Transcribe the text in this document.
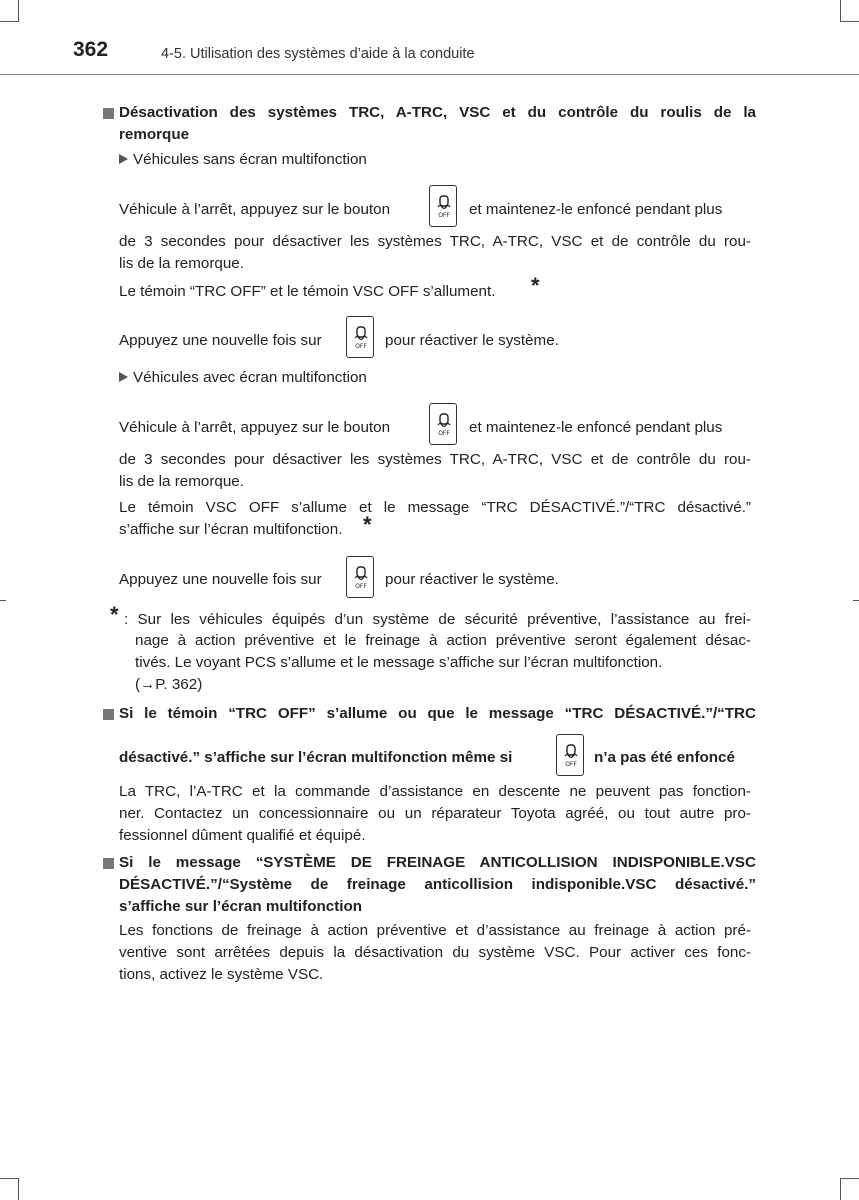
362	4-5. Utilisation des systèmes d’aide à la conduite
Désactivation des systèmes TRC, A-TRC, VSC et du contrôle du roulis de la
remorque
Véhicules sans écran multifonction
Véhicule à l’arrêt, appuyez sur le bouton	OFF et maintenez-le enfoncé pendant plus
de 3 secondes pour désactiver les systèmes TRC, A-TRC, VSC et de contrôle du rou-
lis de la remorque.
Le témoin “TRC OFF” et le témoin VSC OFF s’allument. *
Appuyez une nouvelle fois sur	OFF pour réactiver le système.
Véhicules avec écran multifonction
Véhicule à l’arrêt, appuyez sur le bouton	OFF et maintenez-le enfoncé pendant plus
de 3 secondes pour désactiver les systèmes TRC, A-TRC, VSC et de contrôle du rou-
lis de la remorque.
Le témoin VSC OFF s’allume et le message “TRC DÉSACTIVÉ.”/“TRC désactivé.”
s’affiche sur l’écran multifonction. *
Appuyez une nouvelle fois sur	OFF pour réactiver le système.
* : Sur les véhicules équipés d’un système de sécurité préventive, l’assistance au frei-
nage à action préventive et le freinage à action préventive seront également désac-
tivés. Le voyant PCS s’allume et le message s’affiche sur l’écran multifonction.
(→P. 362)
Si le témoin “TRC OFF” s’allume ou que le message “TRC DÉSACTIVÉ.”/“TRC
désactivé.” s’affiche sur l’écran multifonction même si	OFF n’a pas été enfoncé
La TRC, l’A-TRC et la commande d’assistance en descente ne peuvent pas fonction-
ner. Contactez un concessionnaire ou un réparateur Toyota agréé, ou tout autre pro-
fessionnel dûment qualifié et équipé.
Si le message “SYSTÈME DE FREINAGE ANTICOLLISION INDISPONIBLE.VSC
DÉSACTIVÉ.”/“Système de freinage anticollision indisponible.VSC désactivé.”
s’affiche sur l’écran multifonction
Les fonctions de freinage à action préventive et d’assistance au freinage à action pré-
ventive sont arrêtées depuis la désactivation du système VSC. Pour activer ces fonc-
tions, activez le système VSC.
